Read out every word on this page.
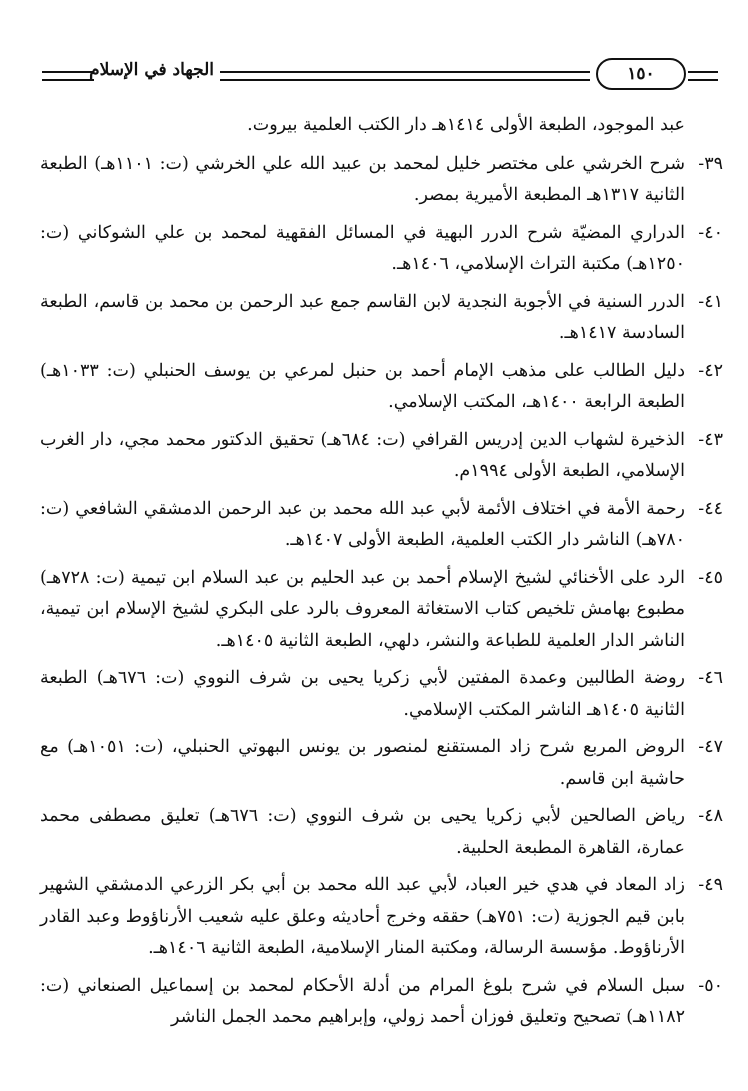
الجهاد في الإسلام	١٥٠

عبد الموجود، الطبعة الأولى ١٤١٤هـ دار الكتب العلمية بيروت.

٣٩-
شرح الخرشي على مختصر خليل لمحمد بن عبيد الله علي الخرشي (ت: ١١٠١هـ) الطبعة الثانية ١٣١٧هـ المطبعة الأميرية بمصر.
٤٠-
الدراري المضيّة شرح الدرر البهية في المسائل الفقهية لمحمد بن علي الشوكاني (ت: ١٢٥٠هـ) مكتبة التراث الإسلامي، ١٤٠٦هـ.
٤١-
الدرر السنية في الأجوبة النجدية لابن القاسم جمع عبد الرحمن بن محمد بن قاسم، الطبعة السادسة ١٤١٧هـ.
٤٢-
دليل الطالب على مذهب الإمام أحمد بن حنبل لمرعي بن يوسف الحنبلي (ت: ١٠٣٣هـ) الطبعة الرابعة ١٤٠٠هـ، المكتب الإسلامي.
٤٣-
الذخيرة لشهاب الدين إدريس القرافي (ت: ٦٨٤هـ) تحقيق الدكتور محمد مجي، دار الغرب الإسلامي، الطبعة الأولى ١٩٩٤م.
٤٤-
رحمة الأمة في اختلاف الأئمة لأبي عبد الله محمد بن عبد الرحمن الدمشقي الشافعي (ت: ٧٨٠هـ) الناشر دار الكتب العلمية، الطبعة الأولى ١٤٠٧هـ.
٤٥-
الرد على الأخنائي لشيخ الإسلام أحمد بن عبد الحليم بن عبد السلام ابن تيمية (ت: ٧٢٨هـ) مطبوع بهامش تلخيص كتاب الاستغاثة المعروف بالرد على البكري لشيخ الإسلام ابن تيمية، الناشر الدار العلمية للطباعة والنشر، دلهي، الطبعة الثانية ١٤٠٥هـ.
٤٦-
روضة الطالبين وعمدة المفتين لأبي زكريا يحيى بن شرف النووي (ت: ٦٧٦هـ) الطبعة الثانية ١٤٠٥هـ الناشر المكتب الإسلامي.
٤٧-
الروض المربع شرح زاد المستقنع لمنصور بن يونس البهوتي الحنبلي، (ت: ١٠٥١هـ) مع حاشية ابن قاسم.
٤٨-
رياض الصالحين لأبي زكريا يحيى بن شرف النووي (ت: ٦٧٦هـ) تعليق مصطفى محمد عمارة، القاهرة المطبعة الحلبية.
٤٩-
زاد المعاد في هدي خير العباد، لأبي عبد الله محمد بن أبي بكر الزرعي الدمشقي الشهير بابن قيم الجوزية (ت: ٧٥١هـ) حققه وخرج أحاديثه وعلق عليه شعيب الأرناؤوط وعبد القادر الأرناؤوط. مؤسسة الرسالة، ومكتبة المنار الإسلامية، الطبعة الثانية ١٤٠٦هـ.
٥٠-
سبل السلام في شرح بلوغ المرام من أدلة الأحكام لمحمد بن إسماعيل الصنعاني (ت: ١١٨٢هـ) تصحيح وتعليق فوزان أحمد زولي، وإبراهيم محمد الجمل الناشر
